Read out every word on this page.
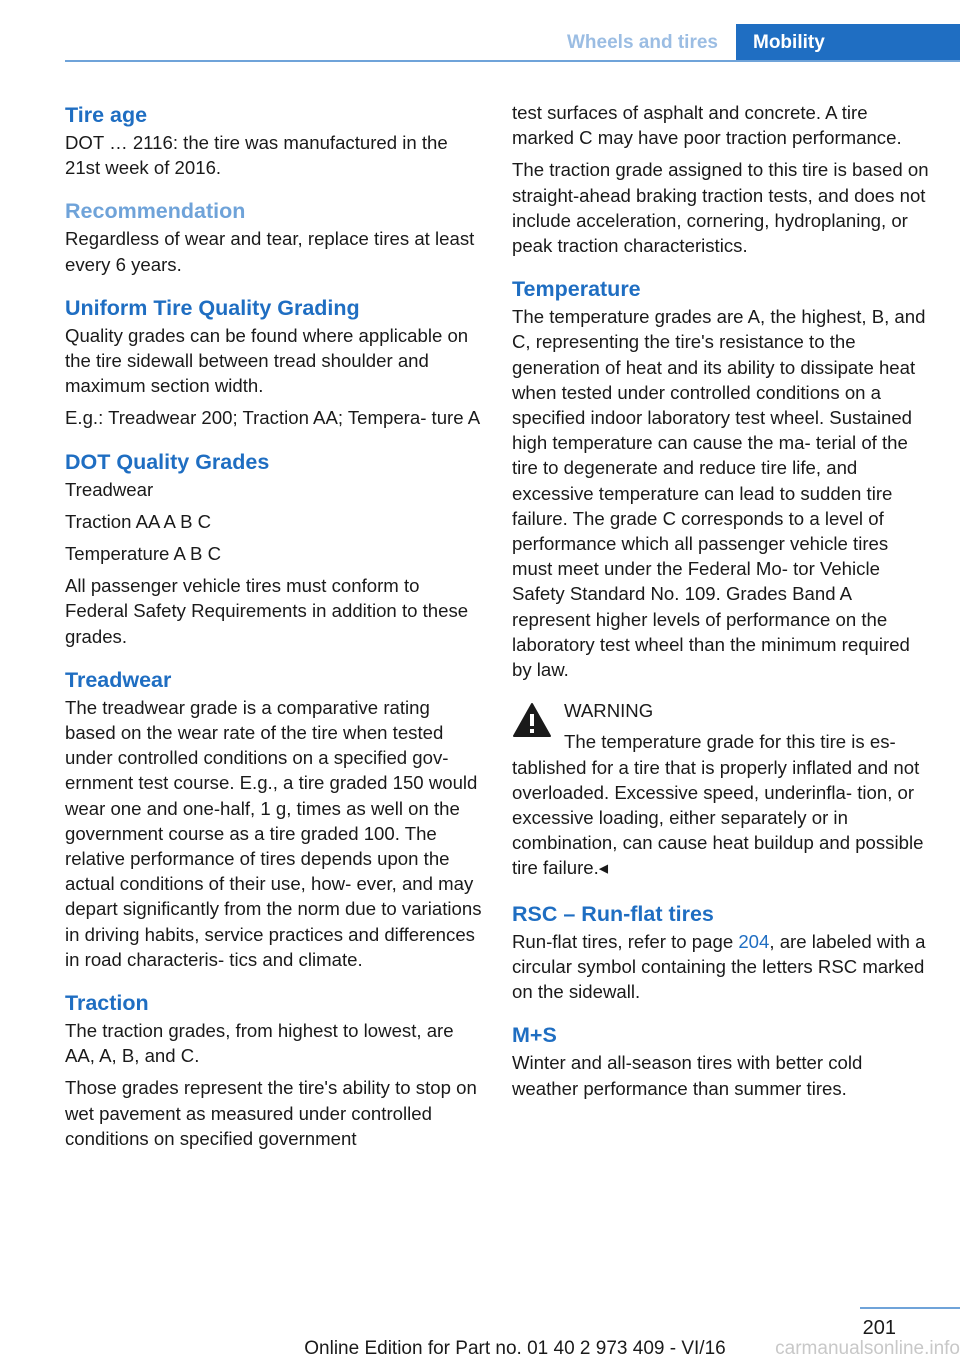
Wheels and tires	Mobility
Tire age

DOT … 2116: the tire was manufactured in the 21st week of 2016.

Recommendation

Regardless of wear and tear, replace tires at least every 6 years.

Uniform Tire Quality Grading

Quality grades can be found where applicable on the tire sidewall between tread shoulder and maximum section width.

E.g.: Treadwear 200; Traction AA; Tempera‐ ture A

DOT Quality Grades

Treadwear

Traction AA A B C

Temperature A B C

All passenger vehicle tires must conform to Federal Safety Requirements in addition to these grades.

Treadwear

The treadwear grade is a comparative rating based on the wear rate of the tire when tested under controlled conditions on a specified gov‐ ernment test course. E.g., a tire graded 150 would wear one and one‑half, 1 g, times as well on the government course as a tire graded 100. The relative performance of tires depends upon the actual conditions of their use, how‐ ever, and may depart significantly from the norm due to variations in driving habits, service practices and differences in road characteris‐ tics and climate.

Traction

The traction grades, from highest to lowest, are AA, A, B, and C.

Those grades represent the tire's ability to stop on wet pavement as measured under controlled conditions on specified government

test surfaces of asphalt and concrete. A tire marked C may have poor traction performance.

The traction grade assigned to this tire is based on straight‑ahead braking traction tests, and does not include acceleration, cornering, hydroplaning, or peak traction characteristics.

Temperature

The temperature grades are A, the highest, B, and C, representing the tire's resistance to the generation of heat and its ability to dissipate heat when tested under controlled conditions on a specified indoor laboratory test wheel. Sustained high temperature can cause the ma‐ terial of the tire to degenerate and reduce tire life, and excessive temperature can lead to sudden tire failure. The grade C corresponds to a level of performance which all passenger vehicle tires must meet under the Federal Mo‐ tor Vehicle Safety Standard No. 109. Grades Band A represent higher levels of performance on the laboratory test wheel than the minimum required by law.

WARNING

The temperature grade for this tire is es‐ tablished for a tire that is properly inflated and not overloaded. Excessive speed, underinfla‐ tion, or excessive loading, either separately or in combination, can cause heat buildup and possible tire failure.◂

RSC – Run-flat tires

Run-flat tires, refer to page 204, are labeled with a circular symbol containing the letters RSC marked on the sidewall.

M+S

Winter and all-season tires with better cold weather performance than summer tires.

201
Online Edition for Part no. 01 40 2 973 409 - VI/16	carmanualsonline.info
